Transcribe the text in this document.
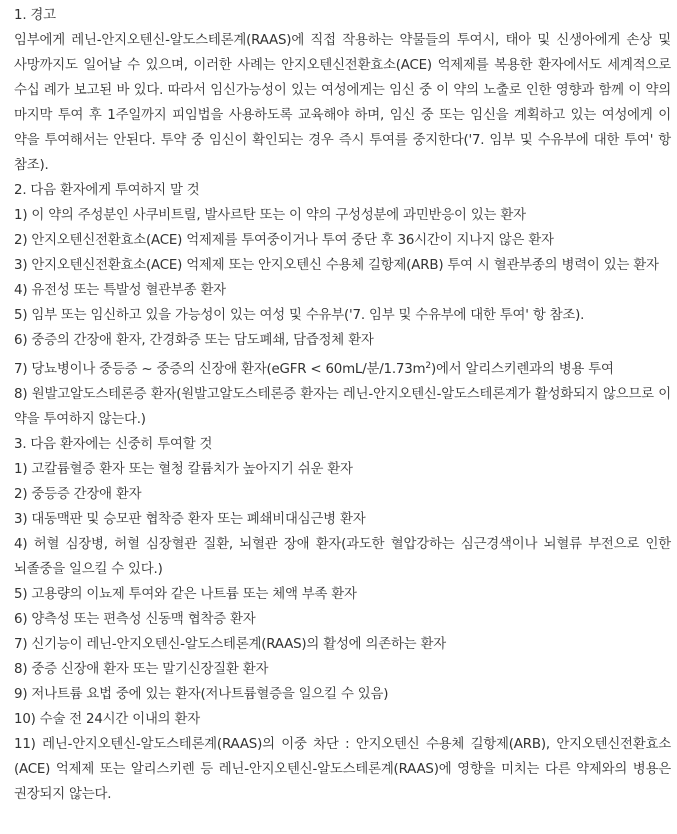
1. 경고

임부에게 레닌-안지오텐신-알도스테론계(RAAS)에 직접 작용하는 약물들의 투여시, 태아 및 신생아에게 손상 및 사망까지도 일어날 수 있으며, 이러한 사례는 안지오텐신전환효소(ACE) 억제제를 복용한 환자에서도 세계적으로 수십 례가 보고된 바 있다. 따라서 임신가능성이 있는 여성에게는 임신 중 이 약의 노출로 인한 영향과 함께 이 약의 마지막 투여 후 1주일까지 피임법을 사용하도록 교육해야 하며, 임신 중 또는 임신을 계획하고 있는 여성에게 이 약을 투여해서는 안된다. 투약 중 임신이 확인되는 경우 즉시 투여를 중지한다('7. 임부 및 수유부에 대한 투여' 항 참조).

2. 다음 환자에게 투여하지 말 것

1) 이 약의 주성분인 사쿠비트릴, 발사르탄 또는 이 약의 구성성분에 과민반응이 있는 환자

2) 안지오텐신전환효소(ACE) 억제제를 투여중이거나 투여 중단 후 36시간이 지나지 않은 환자

3) 안지오텐신전환효소(ACE) 억제제 또는 안지오텐신 수용체 길항제(ARB) 투여 시 혈관부종의 병력이 있는 환자

4) 유전성 또는 특발성 혈관부종 환자

5) 임부 또는 임신하고 있을 가능성이 있는 여성 및 수유부('7. 임부 및 수유부에 대한 투여' 항 참조).

6) 중증의 간장애 환자, 간경화증 또는 담도폐쇄, 담즙정체 환자

7) 당뇨병이나 중등증 ~ 중증의 신장애 환자(eGFR < 60mL/분$/1.73m^2$)에서 알리스키렌과의 병용 투여

8) 원발고알도스테론증 환자(원발고알도스테론증 환자는 레닌-안지오텐신-알도스테론계가 활성화되지 않으므로 이 약을 투여하지 않는다.)

3. 다음 환자에는 신중히 투여할 것

1) 고칼륨혈증 환자 또는 혈청 칼륨치가 높아지기 쉬운 환자

2) 중등증 간장애 환자

3) 대동맥판 및 승모판 협착증 환자 또는 폐쇄비대심근병 환자

4) 허혈 심장병, 허혈 심장혈관 질환, 뇌혈관 장애 환자(과도한 혈압강하는 심근경색이나 뇌혈류 부전으로 인한 뇌졸중을 일으킬 수 있다.)

5) 고용량의 이뇨제 투여와 같은 나트륨 또는 체액 부족 환자

6) 양측성 또는 편측성 신동맥 협착증 환자

7) 신기능이 레닌-안지오텐신-알도스테론계(RAAS)의 활성에 의존하는 환자

8) 중증 신장애 환자 또는 말기신장질환 환자

9) 저나트륨 요법 중에 있는 환자(저나트륨혈증을 일으킬 수 있음)

10) 수술 전 24시간 이내의 환자

11) 레닌-안지오텐신-알도스테론계(RAAS)의 이중 차단 : 안지오텐신 수용체 길항제(ARB), 안지오텐신전환효소(ACE) 억제제 또는 알리스키렌 등 레닌-안지오텐신-알도스테론계(RAAS)에 영향을 미치는 다른 약제와의 병용은 권장되지 않는다.
